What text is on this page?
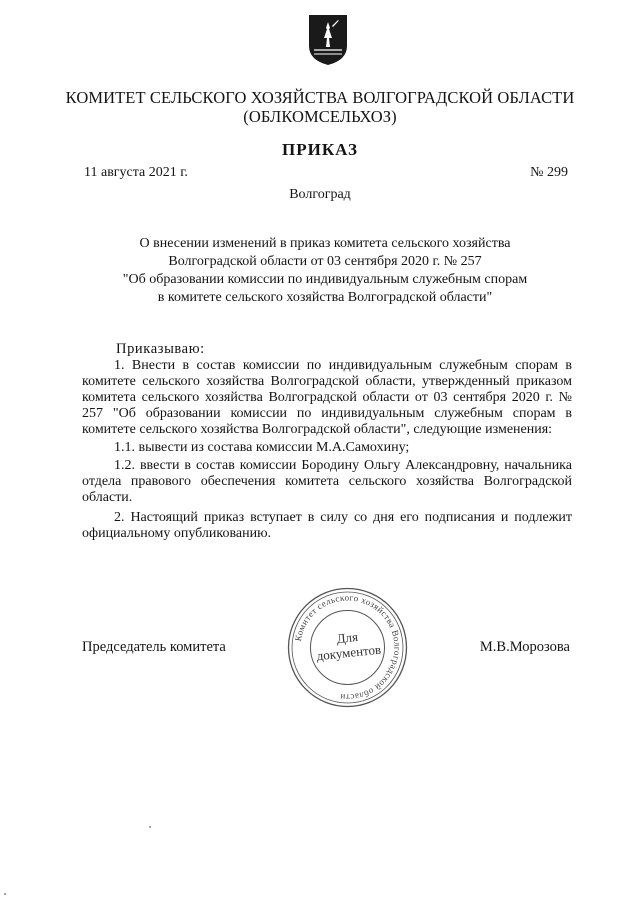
КОМИТЕТ СЕЛЬСКОГО ХОЗЯЙСТВА ВОЛГОГРАДСКОЙ ОБЛАСТИ
(ОБЛКОМСЕЛЬХОЗ)
ПРИКАЗ
11 августа 2021 г.	№ 299
Волгоград
О внесении изменений в приказ комитета сельского хозяйства
Волгоградской области от 03 сентября 2020 г. № 257
"Об образовании комиссии по индивидуальным служебным спорам
в комитете сельского хозяйства Волгоградской области"
Приказываю:

1. Внести в состав комиссии по индивидуальным служебным спорам в комитете сельского хозяйства Волгоградской области, утвержденный приказом комитета сельского хозяйства Волгоградской области от 03 сентября 2020 г. № 257 "Об образовании комиссии по индивидуальным служебным спорам в комитете сельского хозяйства Волгоградской области", следующие изменения:

1.1. вывести из состава комиссии М.А.Самохину;

1.2. ввести в состав комиссии Бородину Ольгу Александровну, начальника отдела правового обеспечения комитета сельского хозяйства Волгоградской области.

2. Настоящий приказ вступает в силу со дня его подписания и подлежит официальному опубликованию.

Комитет сельского хозяйства Волгоградской области
Для
документов
Председатель комитета	М.В.Морозова
